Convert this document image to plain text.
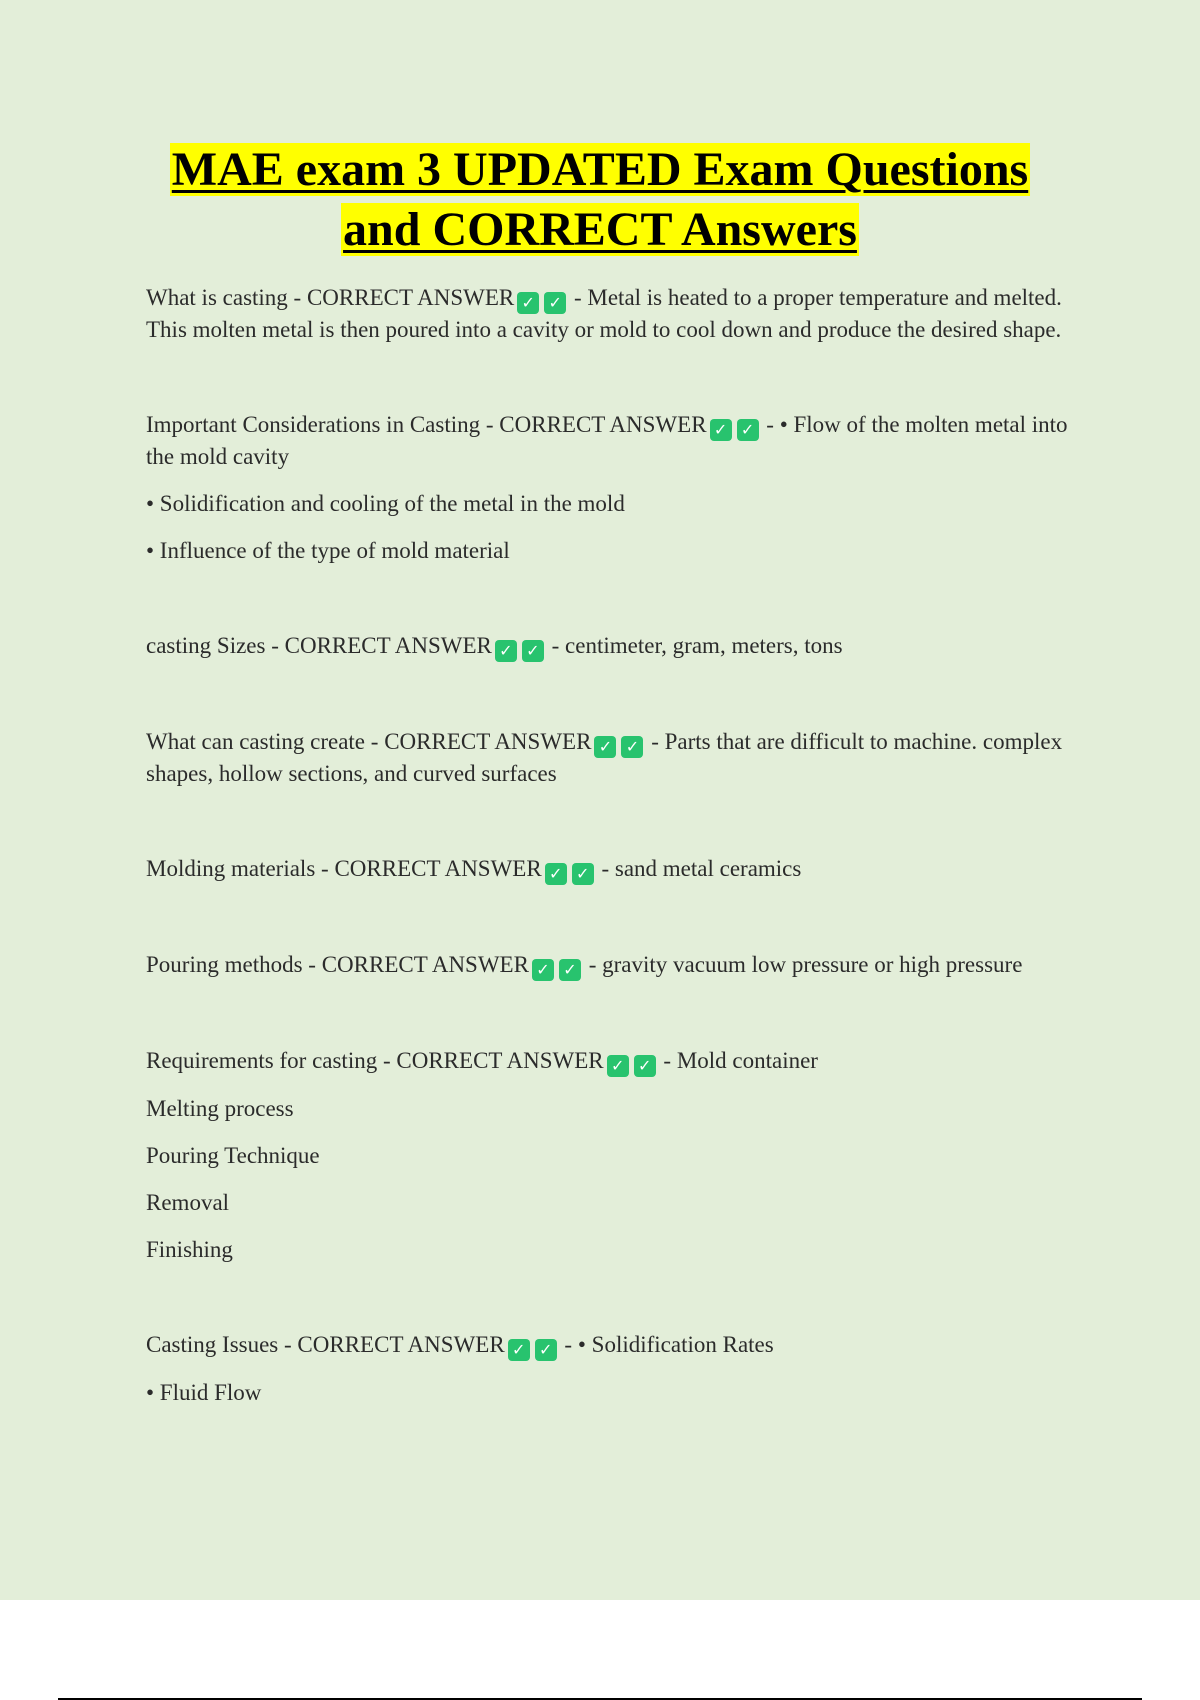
MAE exam 3 UPDATED Exam Questions
and CORRECT Answers

What is casting - CORRECT ANSWER ✓ ✓ - Metal is heated to a proper temperature and melted. This molten metal is then poured into a cavity or mold to cool down and produce the desired shape.

Important Considerations in Casting - CORRECT ANSWER ✓ ✓ - • Flow of the molten metal into the mold cavity

• Solidification and cooling of the metal in the mold

• Influence of the type of mold material

casting Sizes - CORRECT ANSWER ✓ ✓ - centimeter, gram, meters, tons

What can casting create - CORRECT ANSWER ✓ ✓ - Parts that are difficult to machine. complex shapes, hollow sections, and curved surfaces

Molding materials - CORRECT ANSWER ✓ ✓ - sand metal ceramics

Pouring methods - CORRECT ANSWER ✓ ✓ - gravity vacuum low pressure or high pressure

Requirements for casting - CORRECT ANSWER ✓ ✓ - Mold container

Melting process

Pouring Technique

Removal

Finishing

Casting Issues - CORRECT ANSWER ✓ ✓ - • Solidification Rates

• Fluid Flow
